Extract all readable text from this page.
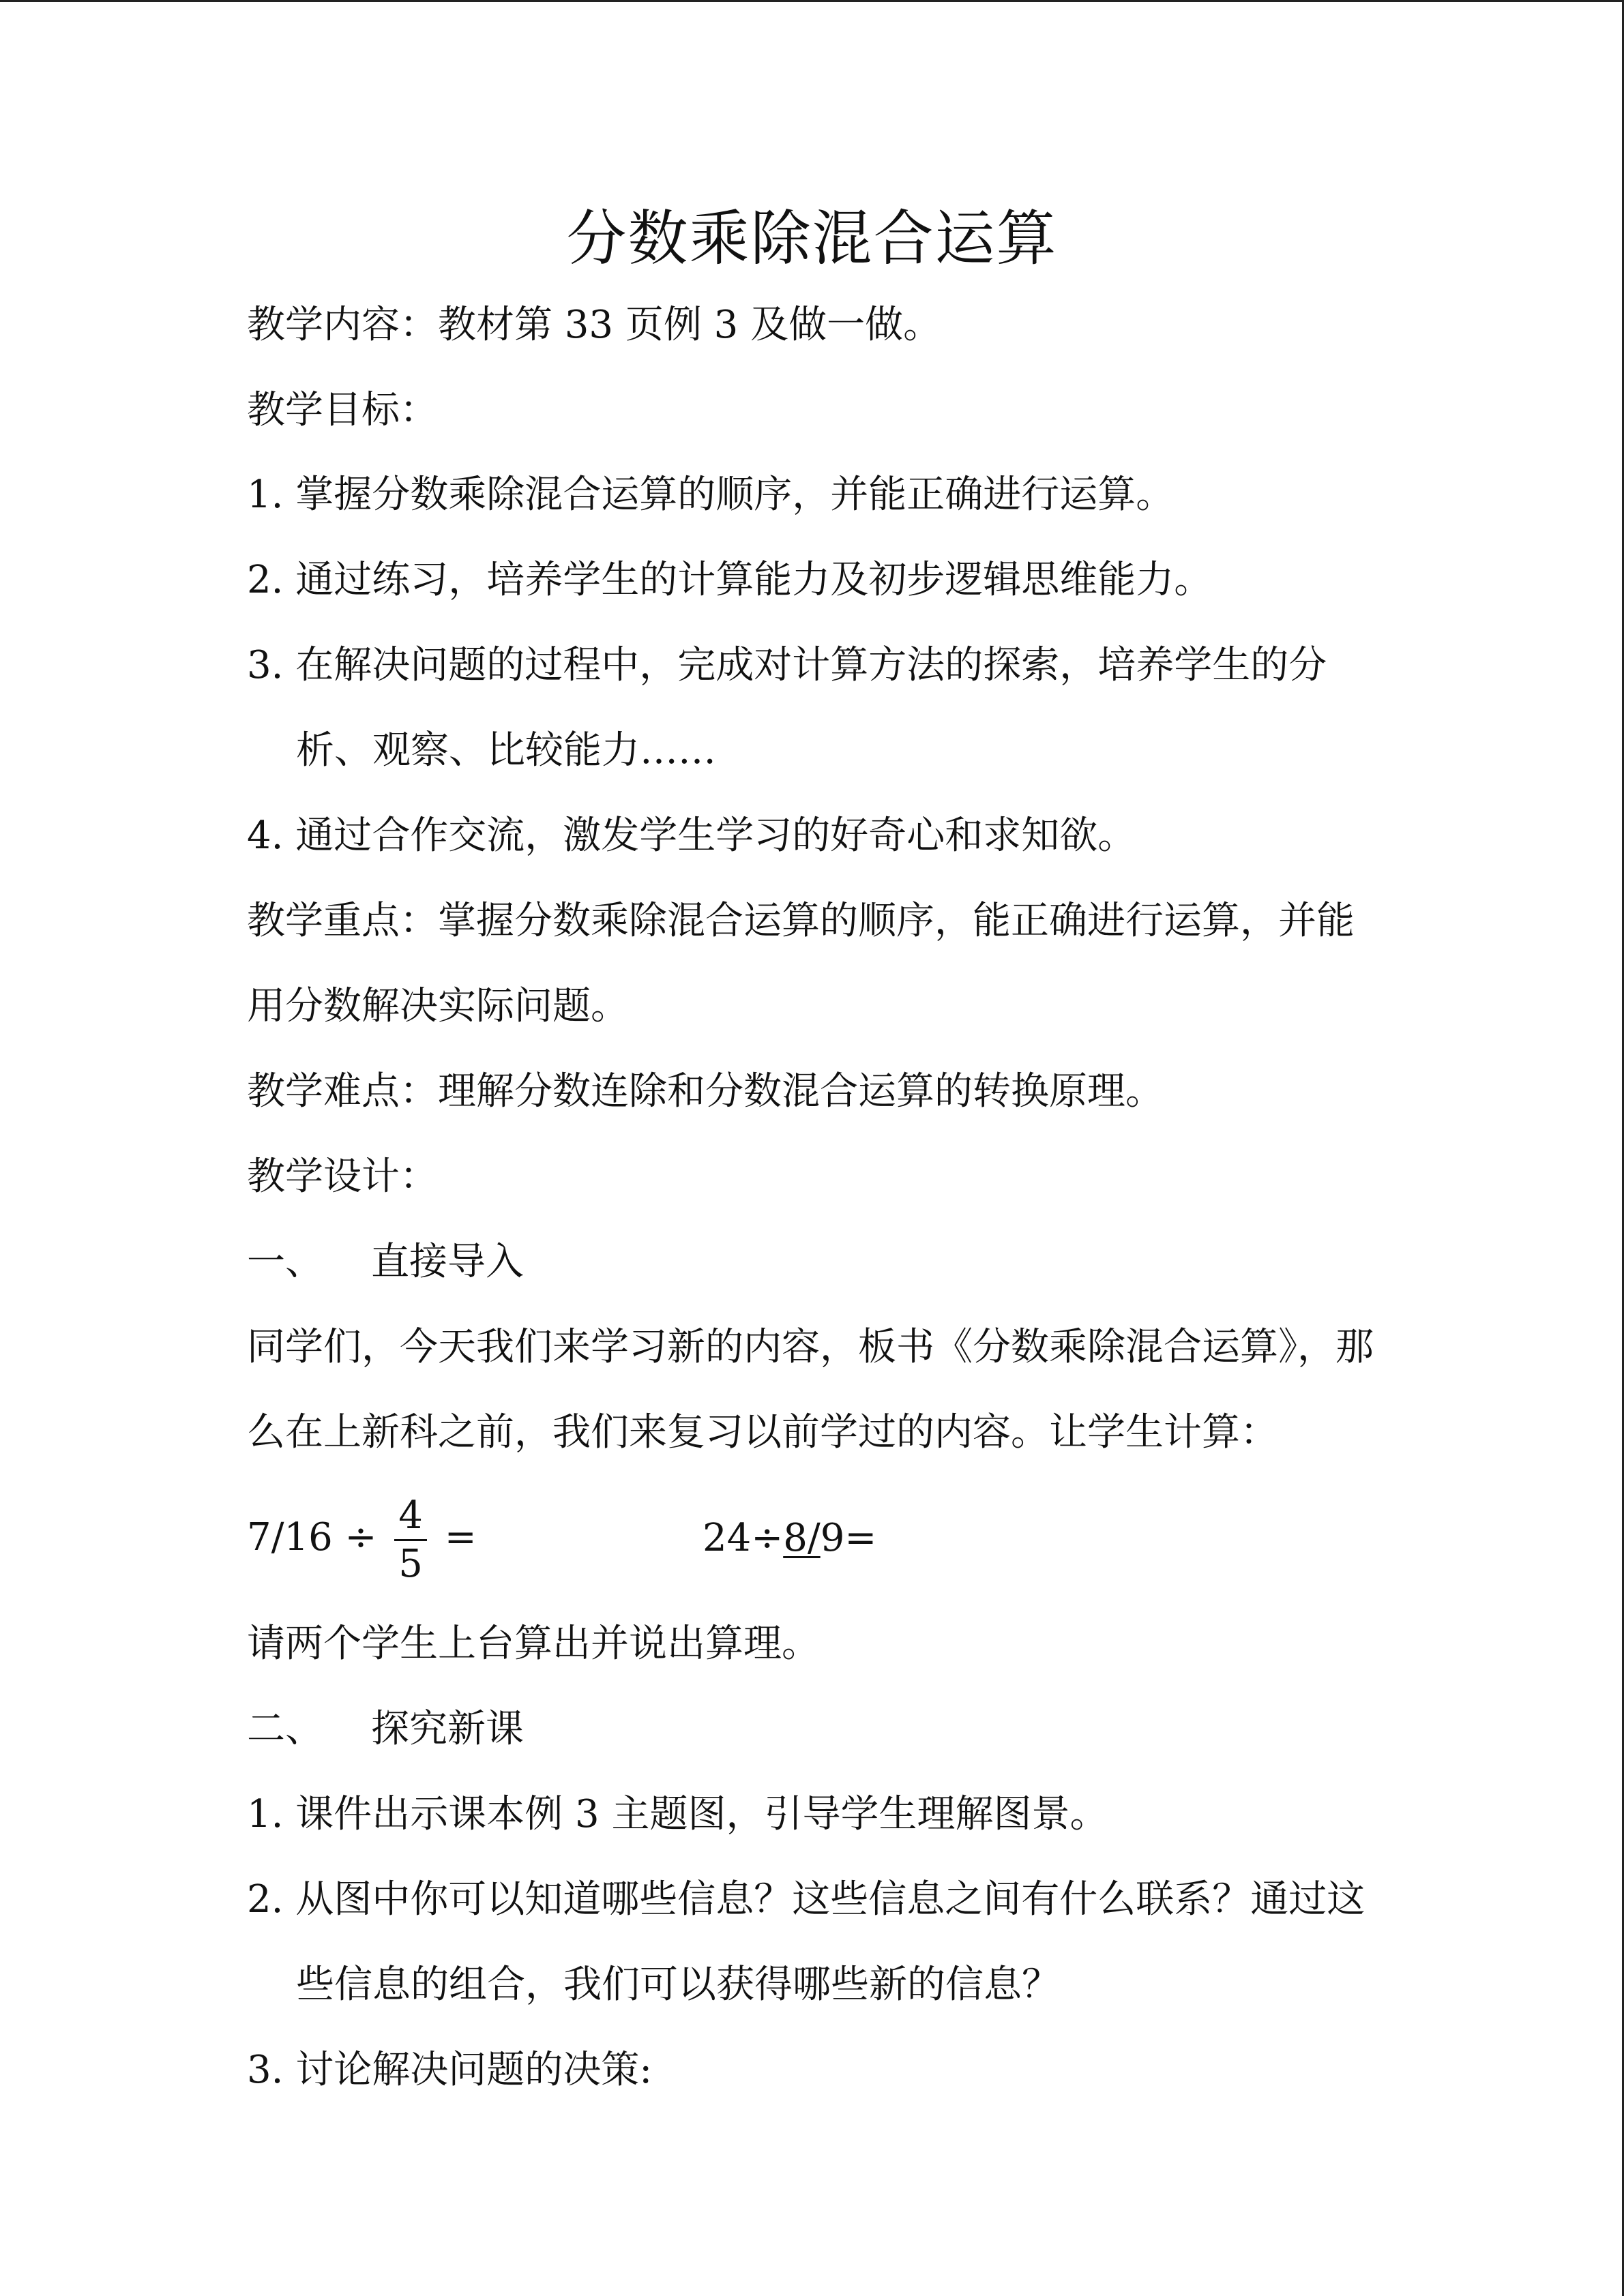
分数乘除混合运算
教学内容：教材第 33 页例 3 及做一做。
教学目标：
1. 掌握分数乘除混合运算的顺序，并能正确进行运算。
2. 通过练习，培养学生的计算能力及初步逻辑思维能力。
3. 在解决问题的过程中，完成对计算方法的探索，培养学生的分
析、观察、比较能力……
4. 通过合作交流，激发学生学习的好奇心和求知欲。
教学重点：掌握分数乘除混合运算的顺序，能正确进行运算，并能
用分数解决实际问题。
教学难点：理解分数连除和分数混合运算的转换原理。
教学设计：
一、 直接导入
同学们，今天我们来学习新的内容，板书《分数乘除混合运算》，那
么在上新科之前，我们来复习以前学过的内容。让学生计算：
$7/16 \div \frac{4}{5}$ =	24÷8/9=
请两个学生上台算出并说出算理。
二、 探究新课
1. 课件出示课本例 3 主题图，引导学生理解图景。
2. 从图中你可以知道哪些信息？这些信息之间有什么联系？通过这
些信息的组合，我们可以获得哪些新的信息？
3. 讨论解决问题的决策:
